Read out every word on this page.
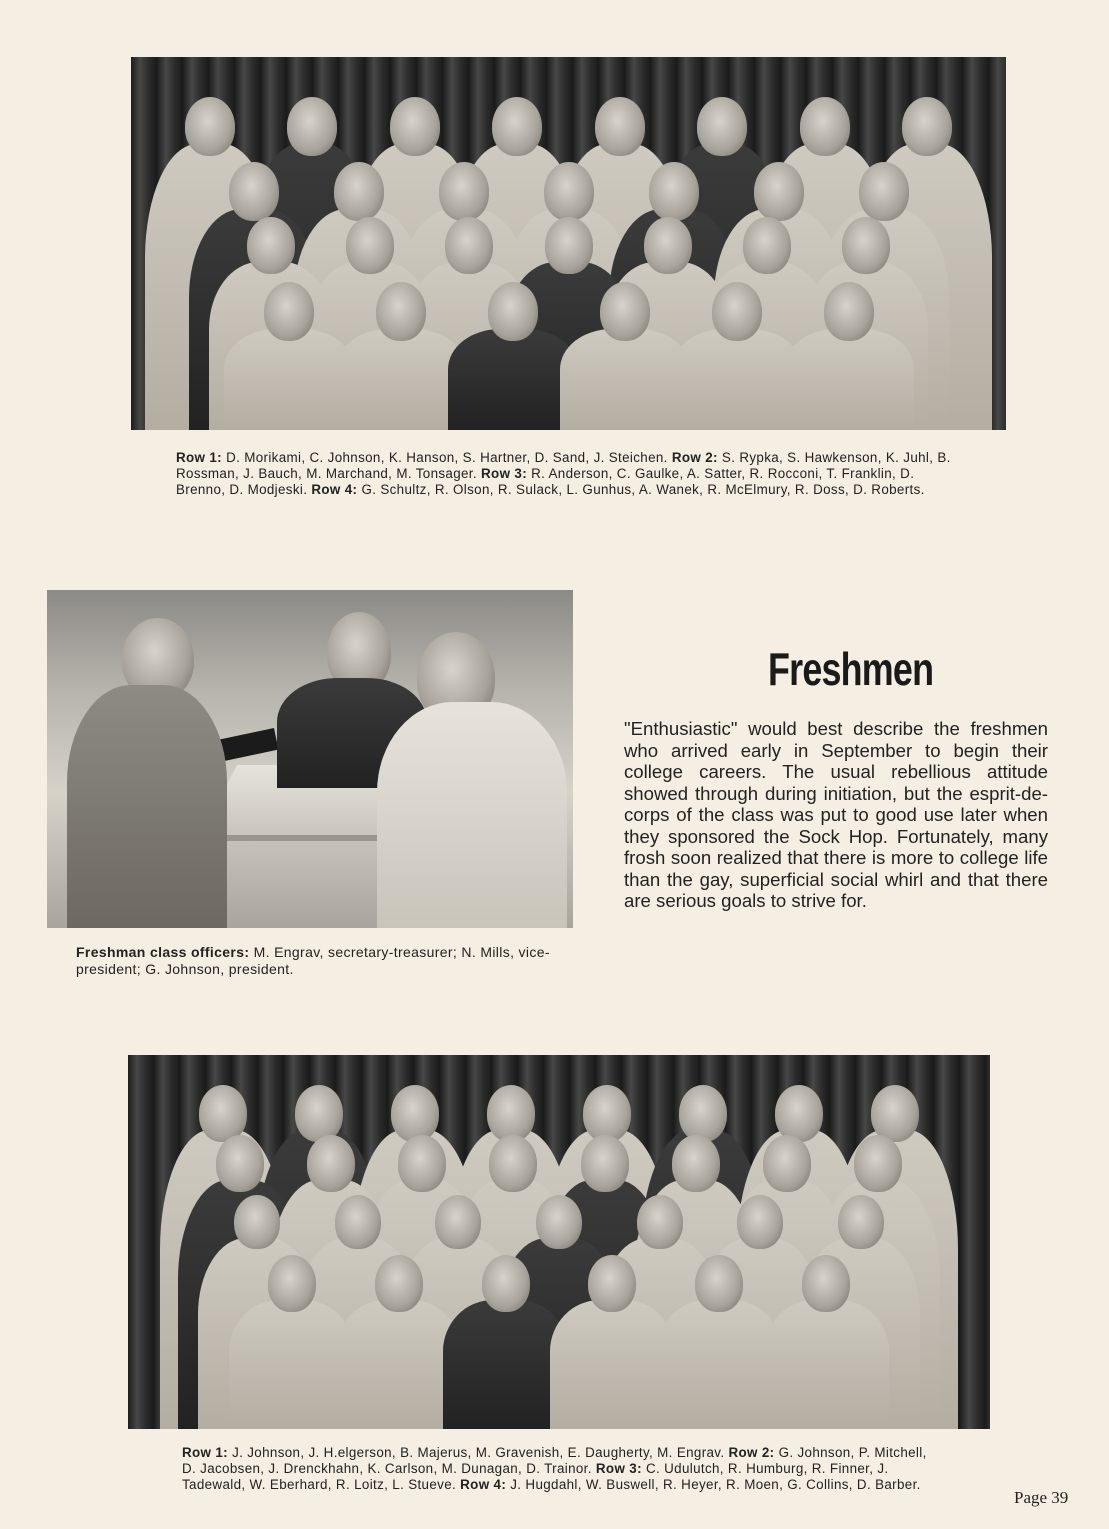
Row 1: D. Morikami, C. Johnson, K. Hanson, S. Hartner, D. Sand, J. Steichen. Row 2: S. Rypka, S. Hawkenson, K. Juhl, B. Rossman, J. Bauch, M. Marchand, M. Tonsager. Row 3: R. Anderson, C. Gaulke, A. Satter, R. Rocconi, T. Franklin, D. Brenno, D. Modjeski. Row 4: G. Schultz, R. Olson, R. Sulack, L. Gunhus, A. Wanek, R. McElmury, R. Doss, D. Roberts.
Freshmen

"Enthusiastic" would best describe the freshmen who arrived early in September to begin their college careers. The usual rebellious attitude showed through during initiation, but the esprit-de-corps of the class was put to good use later when they sponsored the Sock Hop. Fortunately, many frosh soon realized that there is more to college life than the gay, superficial social whirl and that there are serious goals to strive for.

Freshman class officers: M. Engrav, secretary-treasurer; N. Mills, vice-president; G. Johnson, president.
Row 1: J. Johnson, J. H.elgerson, B. Majerus, M. Gravenish, E. Daugherty, M. Engrav. Row 2: G. Johnson, P. Mitchell, D. Jacobsen, J. Drenckhahn, K. Carlson, M. Dunagan, D. Trainor. Row 3: C. Udulutch, R. Humburg, R. Finner, J. Tadewald, W. Eberhard, R. Loitz, L. Stueve. Row 4: J. Hugdahl, W. Buswell, R. Heyer, R. Moen, G. Collins, D. Barber.
Page 39
